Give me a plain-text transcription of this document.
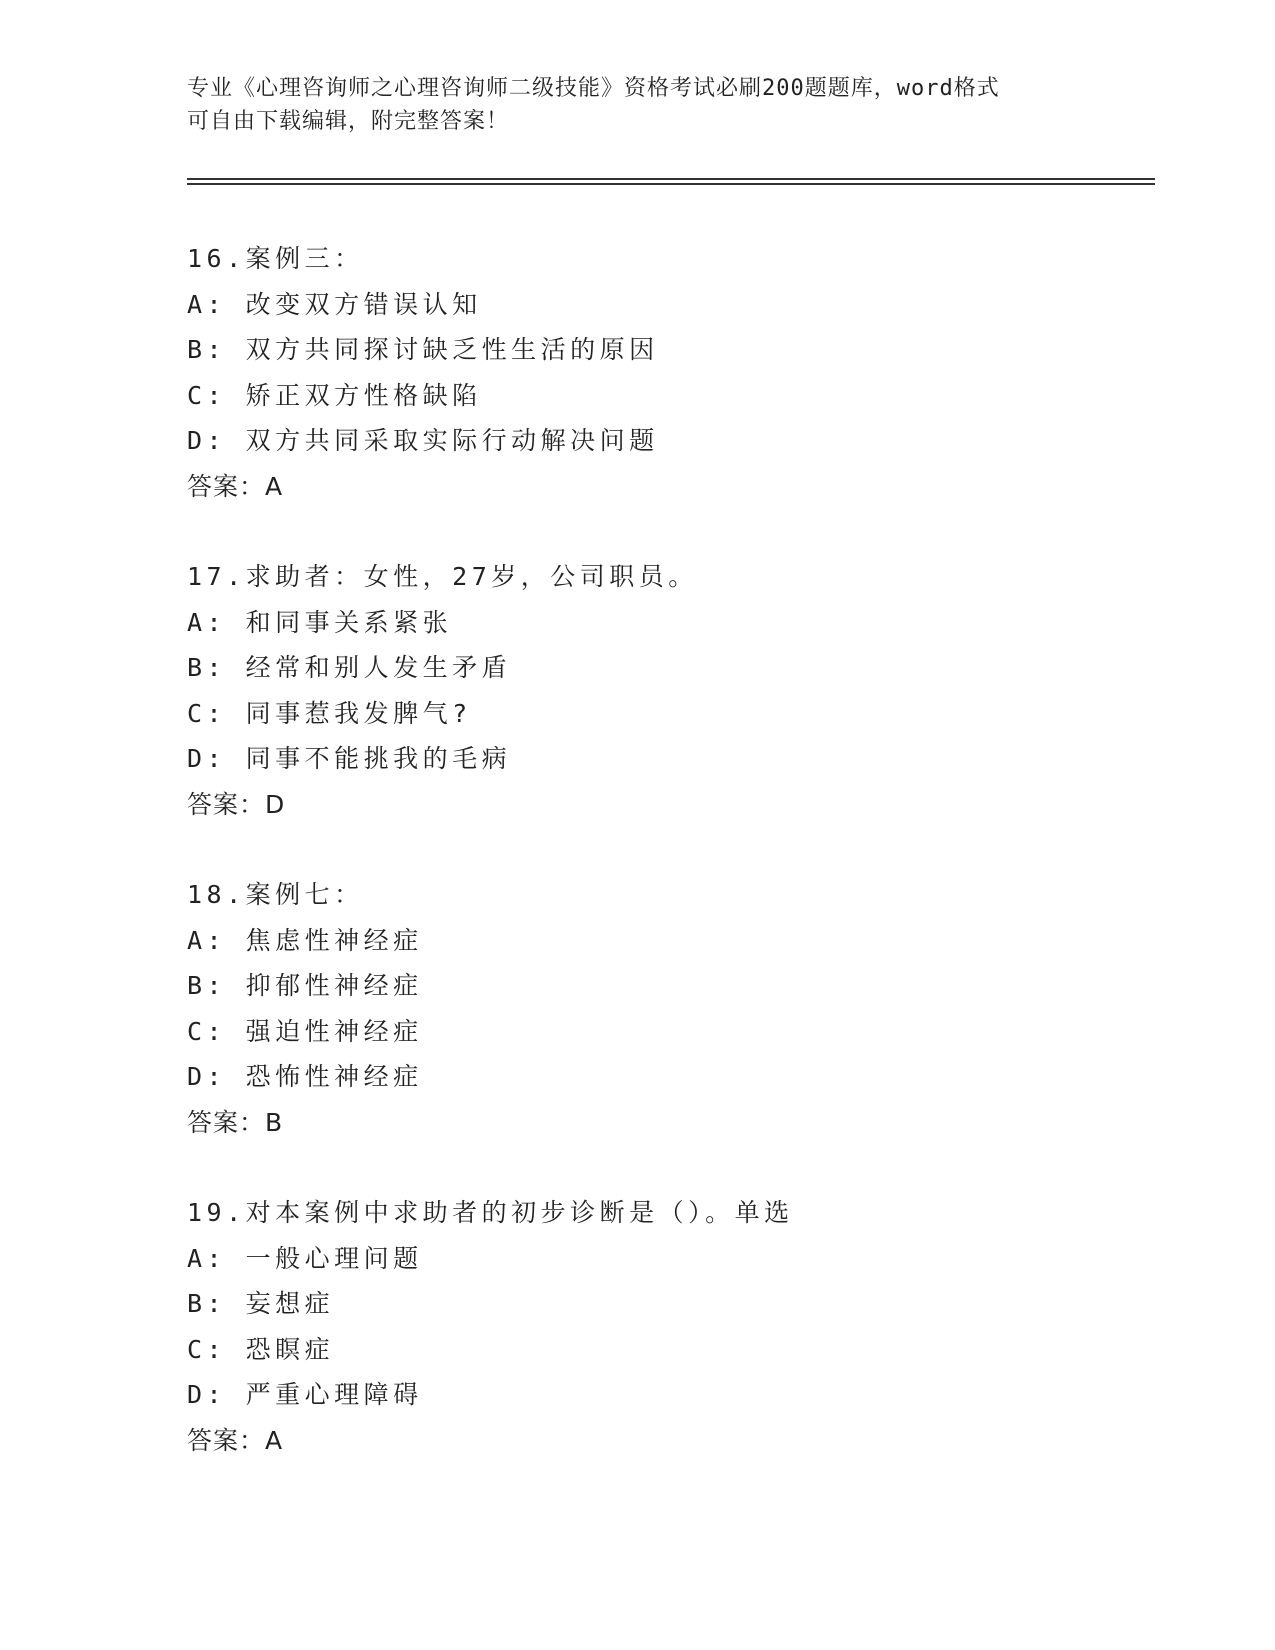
专业《心理咨询师之心理咨询师二级技能》资格考试必刷200题题库，word格式
可自由下载编辑，附完整答案！
16.案例三：
A: 改变双方错误认知
B: 双方共同探讨缺乏性生活的原因
C: 矫正双方性格缺陷
D: 双方共同采取实际行动解决问题
答案：A
17.求助者：女性，27岁，公司职员。
A: 和同事关系紧张
B: 经常和别人发生矛盾
C: 同事惹我发脾气?
D: 同事不能挑我的毛病
答案：D
18.案例七：
A: 焦虑性神经症
B: 抑郁性神经症
C: 强迫性神经症
D: 恐怖性神经症
答案：B
19.对本案例中求助者的初步诊断是（）。单选
A: 一般心理问题
B: 妄想症
C: 恐瞑症
D: 严重心理障碍
答案：A
